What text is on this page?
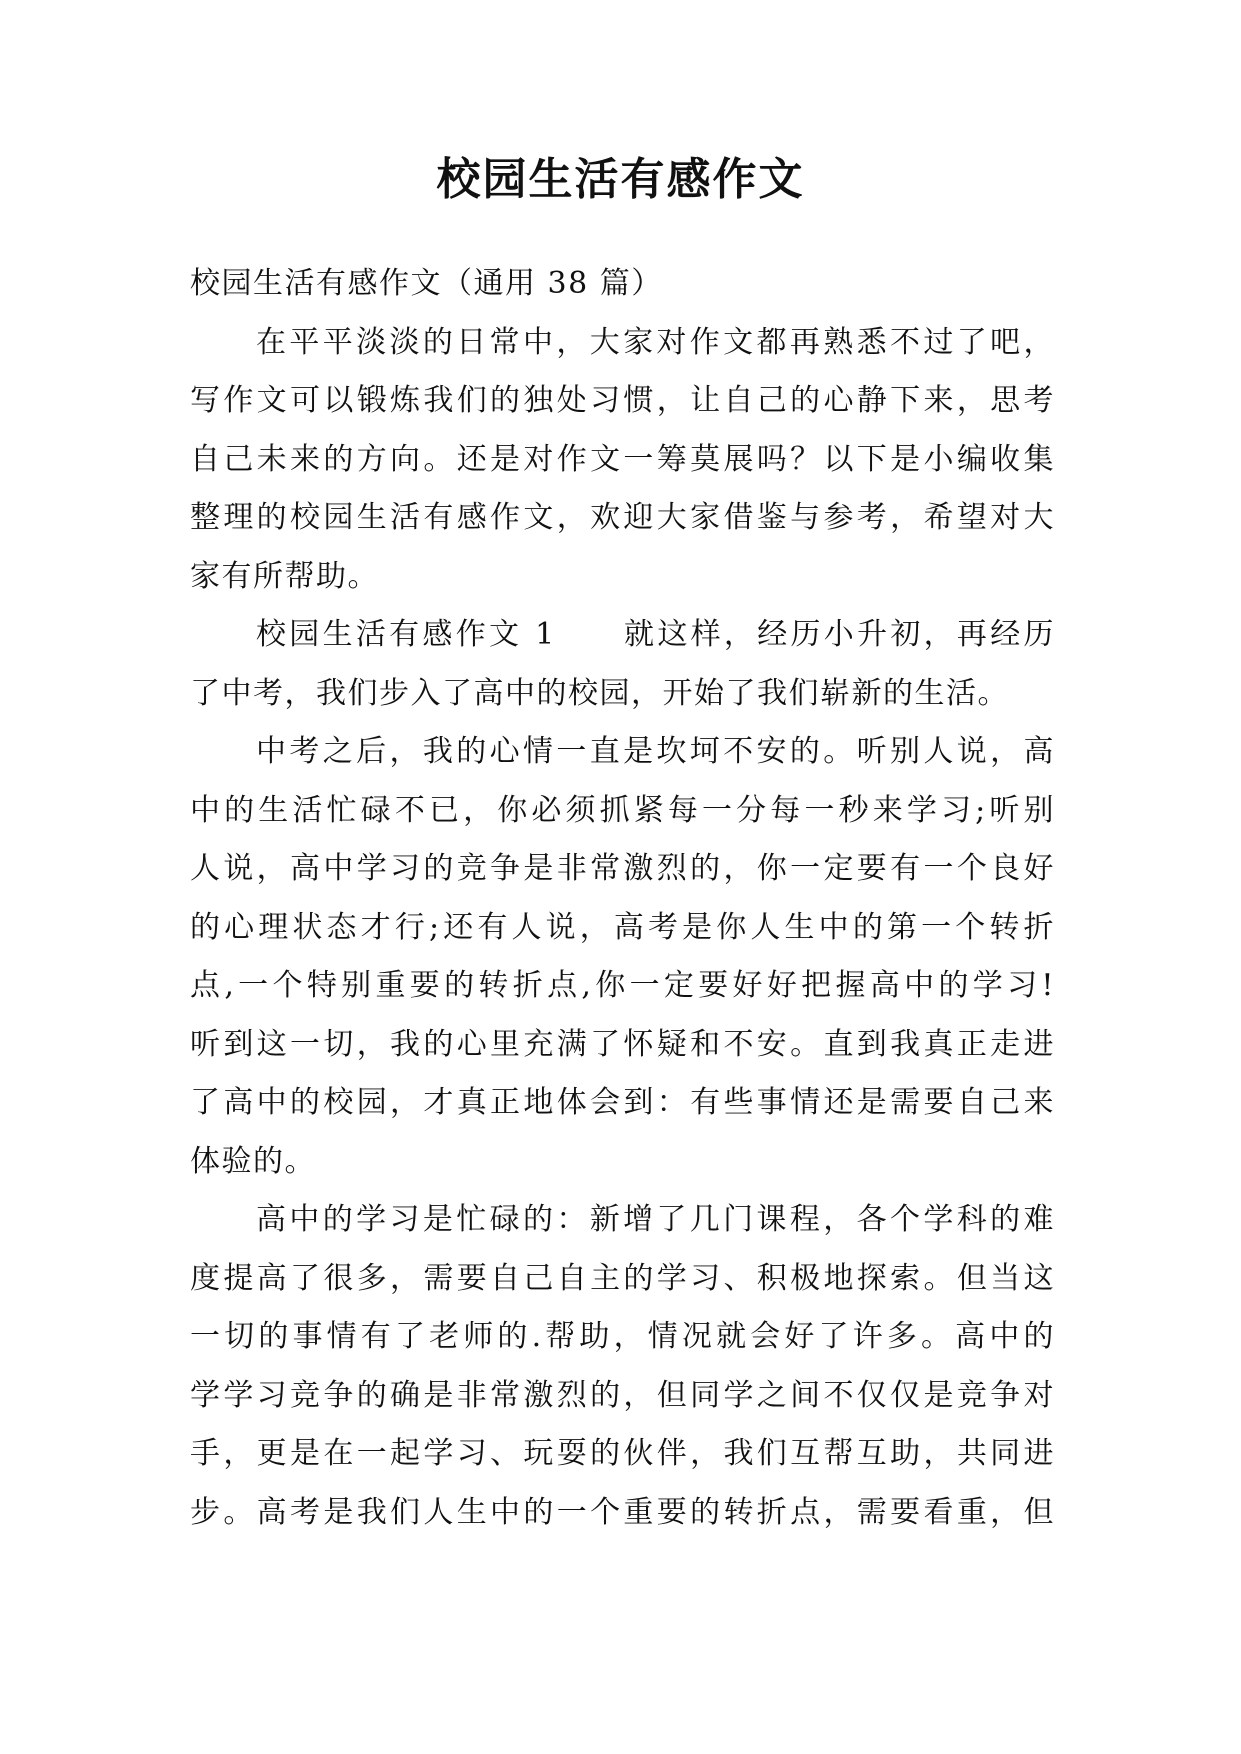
校园生活有感作文
校园生活有感作文（通用 38 篇）
在平平淡淡的日常中，大家对作文都再熟悉不过了吧，
写作文可以锻炼我们的独处习惯，让自己的心静下来，思考
自己未来的方向。还是对作文一筹莫展吗？以下是小编收集
整理的校园生活有感作文，欢迎大家借鉴与参考，希望对大
家有所帮助。
校园生活有感作文 1　　就这样，经历小升初，再经历
了中考，我们步入了高中的校园，开始了我们崭新的生活。
中考之后，我的心情一直是坎坷不安的。听别人说，高
中的生活忙碌不已，你必须抓紧每一分每一秒来学习;听别
人说，高中学习的竞争是非常激烈的，你一定要有一个良好
的心理状态才行;还有人说，高考是你人生中的第一个转折
点,一个特别重要的转折点,你一定要好好把握高中的学习!
听到这一切，我的心里充满了怀疑和不安。直到我真正走进
了高中的校园，才真正地体会到：有些事情还是需要自己来
体验的。
高中的学习是忙碌的：新增了几门课程，各个学科的难
度提高了很多，需要自己自主的学习、积极地探索。但当这
一切的事情有了老师的.帮助，情况就会好了许多。高中的
学学习竞争的确是非常激烈的，但同学之间不仅仅是竞争对
手，更是在一起学习、玩耍的伙伴，我们互帮互助，共同进
步。高考是我们人生中的一个重要的转折点，需要看重，但
